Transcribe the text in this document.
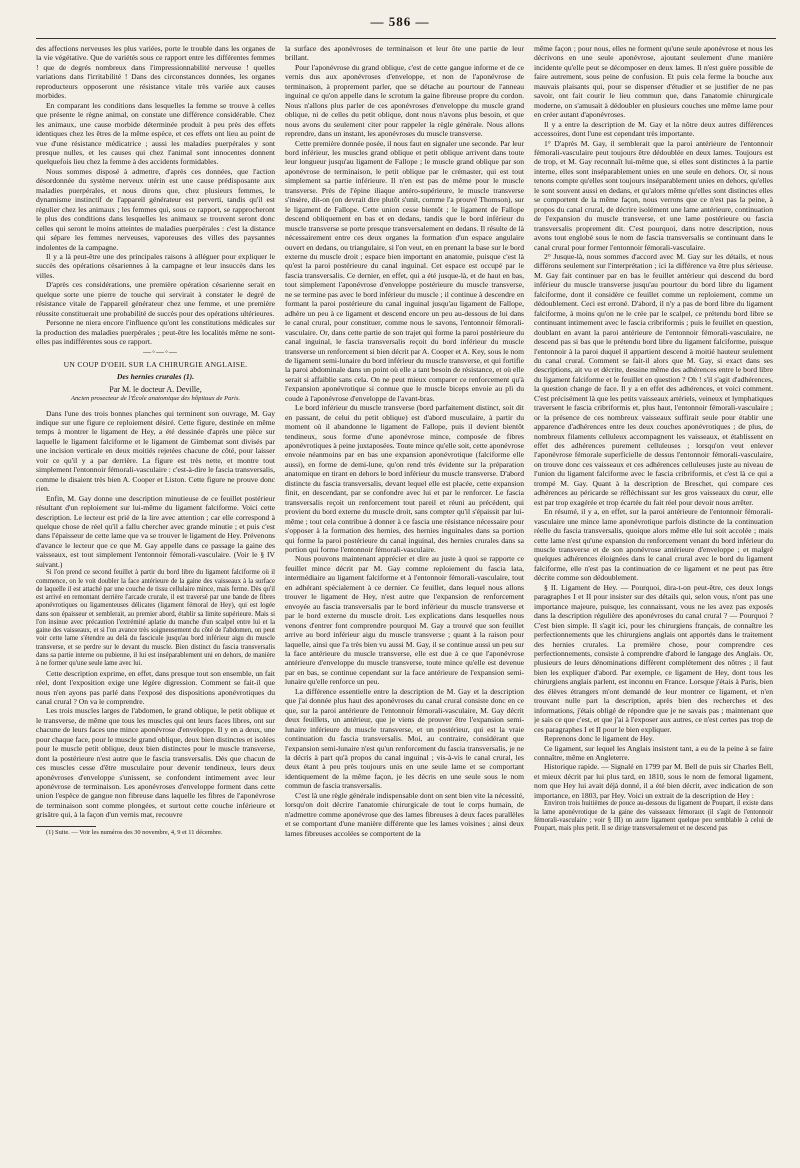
— 586 —

des affections nerveuses les plus variées, porte le trouble dans les organes de la vie végétative. Que de variétés sous ce rapport entre les différentes femmes ! que de degrés nombreux dans l'impressionnabilité nerveuse ! quelles variations dans l'irritabilité ! Dans des circonstances données, les organes reproducteurs opposeront une résistance vitale très variée aux causes morbides.

En comparant les conditions dans lesquelles la femme se trouve à celles que présente le règne animal, on constate une différence considérable. Chez les animaux, une cause morbide déterminée produit à peu près des effets identiques chez les êtres de la même espèce, et ces effets ont lieu au point de vue d'une résistance médicatrice ; aussi les maladies puerpérales y sont presque nulles, et les causes qui chez l'animal sont innocentes donnent quelquefois lieu chez la femme à des accidents formidables.

Nous sommes disposé à admettre, d'après ces données, que l'action désordonnée du système nerveux utérin est une cause prédisposante aux maladies puerpérales, et nous dirons que, chez plusieurs femmes, le dynamisme instinctif de l'appareil générateur est perverti, tandis qu'il est régulier chez les animaux ; les femmes qui, sous ce rapport, se rapprocheront le plus des conditions dans lesquelles les animaux se trouvent seront donc celles qui seront le moins atteintes de maladies puerpérales : c'est la distance qui sépare les femmes nerveuses, vaporeuses des villes des paysannes indolentes de la campagne.

Il y a là peut-être une des principales raisons à alléguer pour expliquer le succès des opérations césariennes à la campagne et leur insuccès dans les villes.

D'après ces considérations, une première opération césarienne serait en quelque sorte une pierre de touche qui servirait à constater le degré de résistance vitale de l'appareil générateur chez une femme, et une première réussite constituerait une probabilité de succès pour des opérations ultérieures.

Personne ne niera encore l'influence qu'ont les constitutions médicales sur la production des maladies puerpérales ; peut-être les localités même ne sont-elles pas indifférentes sous ce rapport.

—◦—◦—

UN COUP D'OEIL SUR LA CHIRURGIE ANGLAISE.

Des hernies crurales (1).

Par M. le docteur A. Deville,

Ancien prosecteur de l'École anatomique des hôpitaux de Paris.

Dans l'une des trois bonnes planches qui terminent son ouvrage, M. Gay indique sur une figure ce reploiement désiré. Cette figure, destinée en même temps à montrer le ligament de Hey, a été dessinée d'après une pièce sur laquelle le ligament falciforme et le ligament de Gimbernat sont divisés par une incision verticale en deux moitiés rejetées chacune de côté, pour laisser voir ce qu'il y a par derrière. La figure est très nette, et montre tout simplement l'entonnoir fémorali-vasculaire : c'est-à-dire le fascia transversalis, comme le disaient très bien A. Cooper et Liston. Cette figure ne prouve donc rien.

Enfin, M. Gay donne une description minutieuse de ce feuillet postérieur résultant d'un reploiement sur lui-même du ligament falciforme. Voici cette description. Le lecteur est prié de la lire avec attention ; car elle correspond à quelque chose de réel qu'il a fallu chercher avec grande minutie ; et puis c'est dans l'épaisseur de cette lame que va se trouver le ligament de Hey. Prévenons d'avance le lecteur que ce que M. Gay appelle dans ce passage la gaine des vaisseaux, est tout simplement l'entonnoir fémorali-vasculaire. (Voir le § IV suivant.)

Si l'on prend ce second feuillet à partir du bord libre du ligament falciforme où il commence, on le voit doubler la face antérieure de la gaine des vaisseaux à la surface de laquelle il est attaché par une couche de tissu cellulaire mince, mais ferme. Dès qu'il est arrivé en remontant derrière l'arcade crurale, il est traversé par une bande de fibres aponévrotiques ou ligamenteuses délicates (ligament fémoral de Hey), qui est logée dans son épaisseur et semblerait, au premier abord, établir sa limite supérieure. Mais si l'on insinue avec précaution l'extrémité aplatie du manche d'un scalpel entre lui et la gaine des vaisseaux, et si l'on avance très soigneusement du côté de l'abdomen, on peut voir cette lame s'étendre au delà du fascicule jusqu'au bord inférieur aigu du muscle transverse, et se perdre sur le devant du muscle. Bien distinct du fascia transversalis dans sa partie interne ou pubienne, il lui est inséparablement uni en dehors, de manière à ne former qu'une seule lame avec lui.

Cette description exprime, en effet, dans presque tout son ensemble, un fait réel, dont l'exposition exige une légère digression. Comment se fait-il que nous n'en ayons pas parlé dans l'exposé des dispositions aponévrotiques du canal crural ? On va le comprendre.

Les trois muscles larges de l'abdomen, le grand oblique, le petit oblique et le transverse, de même que tous les muscles qui ont leurs faces libres, ont sur chacune de leurs faces une mince aponévrose d'enveloppe. Il y en a deux, une pour chaque face, pour le muscle grand oblique, deux bien distinctes et isolées pour le muscle petit oblique, deux bien distinctes pour le muscle transverse, dont la postérieure n'est autre que le fascia transversalis. Dès que chacun de ces muscles cesse d'être musculaire pour devenir tendineux, leurs deux aponévroses d'enveloppe s'unissent, se confondent intimement avec leur aponévrose de terminaison. Les aponévroses d'enveloppe forment dans cette union l'espèce de gangue non fibreuse dans laquelle les fibres de l'aponévrose de terminaison sont comme plongées, et surtout cette couche inférieure et grisâtre qui, à la façon d'un vernis mat, recouvre

(1) Suite. — Voir les numéros des 30 novembre, 4, 9 et 11 décembre.

la surface des aponévroses de terminaison et leur ôte une partie de leur brillant.

Pour l'aponévrose du grand oblique, c'est de cette gangue informe et de ce vernis dus aux aponévroses d'enveloppe, et non de l'aponévrose de terminaison, à proprement parler, que se détache au pourtour de l'anneau inguinal ce qu'on appelle dans le scrotum la gaine fibreuse propre du cordon. Nous n'allons plus parler de ces aponévroses d'enveloppe du muscle grand oblique, ni de celles du petit oblique, dont nous n'avons plus besoin, et que nous avons du seulement citer pour rappeler la règle générale. Nous allons reprendre, dans un instant, les aponévroses du muscle transverse.

Cette première donnée posée, il nous faut en signaler une seconde. Par leur bord inférieur, les muscles grand oblique et petit oblique arrivent dans toute leur longueur jusqu'au ligament de Fallope ; le muscle grand oblique par son aponévrose de terminaison, le petit oblique par le crémaster, qui est tout simplement sa partie inférieure. Il n'en est pas de même pour le muscle transverse. Près de l'épine iliaque antéro-supérieure, le muscle transverse s'insère, dit-on (on devrait dire plutôt s'unit, comme l'a prouvé Thomson), sur le ligament de Fallope. Cette union cesse bientôt ; le ligament de Fallope descend obliquement en bas et en dedans, tandis que le bord inférieur du muscle transverse se porte presque transversalement en dedans. Il résulte de là nécessairement entre ces deux organes la formation d'un espace angulaire ouvert en dedans, ou triangulaire, si l'on veut, en en prenant la base sur le bord externe du muscle droit ; espace bien important en anatomie, puisque c'est là qu'est la paroi postérieure du canal inguinal. Cet espace est occupé par le fascia transversalis. Ce dernier, en effet, qui a été jusque-là, et de haut en bas, tout simplement l'aponévrose d'enveloppe postérieure du muscle transverse, ne se termine pas avec le bord inférieur du muscle ; il continue à descendre en formant la paroi postérieure du canal inguinal jusqu'au ligament de Fallope, adhère un peu à ce ligament et descend encore un peu au-dessous de lui dans le canal crural, pour constituer, comme nous le savons, l'entonnoir fémorali-vasculaire. Or, dans cette partie de son trajet qui forme la paroi postérieure du canal inguinal, le fascia transversalis reçoit du bord inférieur du muscle transverse un renforcement si bien décrit par A. Cooper et A. Key, sous le nom de ligament semi-lunaire du bord inférieur du muscle transverse, et qui fortifie la paroi abdominale dans un point où elle a tant besoin de résistance, et où elle serait si affaiblie sans cela. On ne peut mieux comparer ce renforcement qu'à l'expansion aponévrotique si connue que le muscle biceps envoie au pli du coude à l'aponévrose d'enveloppe de l'avant-bras.

Le bord inférieur du muscle transverse (bord parfaitement distinct, soit dit en passant, de celui du petit oblique) est d'abord musculaire, à partir du moment où il abandonne le ligament de Fallope, puis il devient bientôt tendineux, sous forme d'une aponévrose mince, composée de fibres aponévrotiques à peine juxtaposées. Toute mince qu'elle soit, cette aponévrose envoie néanmoins par en bas une expansion aponévrotique (falciforme elle aussi), en forme de demi-lune, qu'on rend très évidente sur la préparation anatomique en tirant en dehors le bord inférieur du muscle transverse. D'abord distincte du fascia transversalis, devant lequel elle est placée, cette expansion finit, en descendant, par se confondre avec lui et par le renforcer. Le fascia transversalis reçoit un renforcement tout pareil et réuni au précédent, qui provient du bord externe du muscle droit, sans compter qu'il s'épaissit par lui-même ; tout cela contribue à donner à ce fascia une résistance nécessaire pour s'opposer à la formation des hernies, des hernies inguinales dans sa portion qui forme la paroi postérieure du canal inguinal, des hernies crurales dans sa portion qui forme l'entonnoir fémorali-vasculaire.

Nous pouvons maintenant apprécier et dire au juste à quoi se rapporte ce feuillet mince décrit par M. Gay comme reploiement du fascia lata, intermédiaire au ligament falciforme et à l'entonnoir fémorali-vasculaire, tout en adhérant spécialement à ce dernier. Ce feuillet, dans lequel nous allons trouver le ligament de Hey, n'est autre que l'expansion de renforcement envoyée au fascia transversalis par le bord inférieur du muscle transverse et par le bord externe du muscle droit. Les explications dans lesquelles nous venons d'entrer font comprendre pourquoi M. Gay a trouvé que son feuillet arrive au bord inférieur aigu du muscle transverse ; quant à la raison pour laquelle, ainsi que l'a très bien vu aussi M. Gay, il se continue aussi un peu sur la face antérieure du muscle transverse, elle est due à ce que l'aponévrose antérieure d'enveloppe du muscle transverse, toute mince qu'elle est devenue par en bas, se continue cependant sur la face antérieure de l'expansion semi-lunaire qu'elle renforce un peu.

La différence essentielle entre la description de M. Gay et la description que j'ai donnée plus haut des aponévroses du canal crural consiste donc en ce que, sur la paroi antérieure de l'entonnoir fémorali-vasculaire, M. Gay décrit deux feuillets, un antérieur, que je viens de prouver être l'expansion semi-lunaire inférieure du muscle transverse, et un postérieur, qui est la vraie continuation du fascia transversalis. Moi, au contraire, considérant que l'expansion semi-lunaire n'est qu'un renforcement du fascia transversalis, je ne la décris à part qu'à propos du canal inguinal ; vis-à-vis le canal crural, les deux étant à peu près toujours unis en une seule lame et se comportant identiquement de la même façon, je les décris en une seule sous le nom commun de fascia transversalis.

C'est là une règle générale indispensable dont on sent bien vite la nécessité, lorsqu'on doit décrire l'anatomie chirurgicale de tout le corps humain, de n'admettre comme aponévrose que des lames fibreuses à deux faces parallèles et se comportant d'une manière différente que les lames voisines ; ainsi deux lames fibreuses accolées se comportent de la

même façon ; pour nous, elles ne forment qu'une seule aponévrose et nous les décrivons en une seule aponévrose, ajoutant seulement d'une manière incidente qu'elle peut se décomposer en deux lames. Il n'est guère possible de faire autrement, sous peine de confusion. Et puis cela ferme la bouche aux mauvais plaisants qui, pour se dispenser d'étudier et se justifier de ne pas savoir, ont fait courir le lieu commun que, dans l'anatomie chirurgicale moderne, on s'amusait à dédoubler en plusieurs couches une même lame pour en créer autant d'aponévroses.

Il y a entre la description de M. Gay et la nôtre deux autres différences accessoires, dont l'une est cependant très importante.

1° D'après M. Gay, il semblerait que la paroi antérieure de l'entonnoir fémorali-vasculaire peut toujours être dédoublée en deux lames. Toujours est de trop, et M. Gay reconnaît lui-même que, si elles sont distinctes à la partie interne, elles sont inséparablement unies en une seule en dehors. Or, si nous tenons compte qu'elles sont toujours inséparablement unies en dehors, qu'elles le sont souvent aussi en dedans, et qu'alors même qu'elles sont distinctes elles se comportent de la même façon, nous verrons que ce n'est pas la peine, à propos du canal crural, de décrire isolément une lame antérieure, continuation de l'expansion du muscle transverse, et une lame postérieure ou fascia transversalis proprement dit. C'est pourquoi, dans notre description, nous avons tout englobé sous le nom de fascia transversalis se continuant dans le canal crural pour former l'entonnoir fémorali-vasculaire.

2° Jusque-là, nous sommes d'accord avec M. Gay sur les détails, et nous différons seulement sur l'interprétation ; ici la différence va être plus sérieuse. M. Gay fait continuer par en bas le feuillet antérieur qui descend du bord inférieur du muscle transverse jusqu'au pourtour du bord libre du ligament falciforme, dont il considère ce feuillet comme un reploiement, comme un dédoublement. Ceci est erroné. D'abord, il n'y a pas de bord libre du ligament falciforme, à moins qu'on ne le crée par le scalpel, ce prétendu bord libre se continuant intimement avec le fascia cribriformis ; puis le feuillet en question, doublant en avant la paroi antérieure de l'entonnoir fémorali-vasculaire, ne descend pas si bas que le prétendu bord libre du ligament falciforme, puisque l'entonnoir à la paroi duquel il appartient descend à moitié hauteur seulement du canal crural. Comment se fait-il alors que M. Gay, si exact dans ses descriptions, ait vu et décrite, dessine même des adhérences entre le bord libre du ligament falciforme et le feuillet en question ? Oh ! s'il s'agit d'adhérences, la question change de face. Il y a en effet des adhérences, et voici comment. C'est précisément là que les petits vaisseaux artériels, veineux et lymphatiques traversent le fascia cribriformis et, plus haut, l'entonnoir fémorali-vasculaire ; or la présence de ces nombreux vaisseaux suffirait seule pour établir une apparence d'adhérences entre les deux couches aponévrotiques ; de plus, de nombreux filaments celluleux accompagnent les vaisseaux, et établissent en effet des adhérences purement celluleuses ; lorsqu'on veut enlever l'aponévrose fémorale superficielle de dessus l'entonnoir fémorali-vasculaire, on trouve donc ces vaisseaux et ces adhérences celluleuses juste au niveau de l'union du ligament falciforme avec le fascia cribriformis, et c'est là ce qui a trompé M. Gay. Quant à la description de Breschet, qui compare ces adhérences au péricarde se réfléchissant sur les gros vaisseaux du cœur, elle est par trop exagérée et trop écartée du fait réel pour devoir nous arrêter.

En résumé, il y a, en effet, sur la paroi antérieure de l'entonnoir fémorali-vasculaire une mince lame aponévrotique parfois distincte de la continuation réelle du fascia transversalis, quoique alors même elle lui soit accolée ; mais cette lame n'est qu'une expansion du renforcement venant du bord inférieur du muscle transverse et de son aponévrose antérieure d'enveloppe ; et malgré quelques adhérences éloignées dans le canal crural avec le bord du ligament falciforme, elle n'est pas la continuation de ce ligament et ne peut pas être décrite comme son dédoublement.

§ II. Ligament de Hey. — Pourquoi, dira-t-on peut-être, ces deux longs paragraphes I et II pour insister sur des détails qui, selon vous, n'ont pas une importance majeure, puisque, les connaissant, vous ne les avez pas exposés dans la description régulière des aponévroses du canal crural ? — Pourquoi ? C'est bien simple. Il s'agit ici, pour les chirurgiens français, de connaître les perfectionnements que les chirurgiens anglais ont apportés dans le traitement des hernies crurales. La première chose, pour comprendre ces perfectionnements, consiste à comprendre d'abord le langage des Anglais. Or, plusieurs de leurs dénominations diffèrent complétement des nôtres ; il faut bien les expliquer d'abord. Par exemple, ce ligament de Hey, dont tous les chirurgiens anglais parlent, est inconnu en France. Lorsque j'étais à Paris, bien des élèves étrangers m'ont demandé de leur montrer ce ligament, et n'en trouvant nulle part la description, après bien des recherches et des informations, j'étais obligé de répondre que je ne savais pas ; maintenant que je sais ce que c'est, et que j'ai à l'exposer aux autres, ce n'est certes pas trop de ces paragraphes I et II pour le bien expliquer.

Reprenons donc le ligament de Hey.

Ce ligament, sur lequel les Anglais insistent tant, a eu de la peine à se faire connaître, même en Angleterre.

Historique rapide. — Signalé en 1799 par M. Bell de puis sir Charles Bell, et mieux décrit par lui plus tard, en 1810, sous le nom de femoral ligament, nom que Hey lui avait déjà donné, il a été bien décrit, avec indication de son importance, en 1803, par Hey. Voici un extrait de la description de Hey :

Environ trois huitièmes de pouce au-dessous du ligament de Poupart, il existe dans la lame aponévrotique de la gaine des vaisseaux fémoraux (il s'agit de l'entonnoir fémorali-vasculaire ; voir § III) un autre ligament quelque peu semblable à celui de Poupart, mais plus petit. Il se dirige transversalement et ne descend pas
